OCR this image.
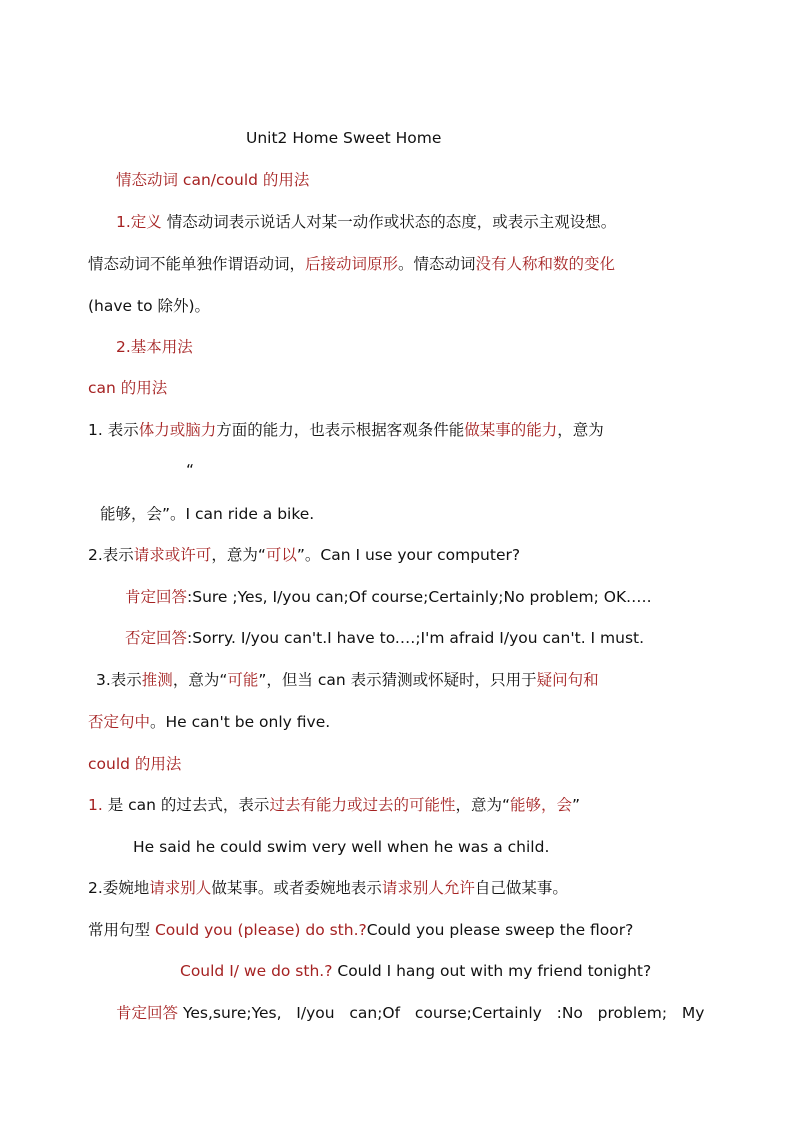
Unit2 Home Sweet Home
情态动词 can/could 的用法
1.定义 情态动词表示说话人对某一动作或状态的态度，或表示主观设想。
情态动词不能单独作谓语动词，后接动词原形。情态动词没有人称和数的变化
(have to 除外)。
2.基本用法
can 的用法
1. 表示体力或脑力方面的能力，也表示根据客观条件能做某事的能力，意为
“
能够，会”。I can ride a bike.
2.表示请求或许可，意为“可以”。Can I use your computer?
肯定回答:Sure ;Yes, I/you can;Of course;Certainly;No problem; OK.….
否定回答:Sorry. I/you can't.I have to.…;I'm afraid I/you can't. I must.
3.表示推测，意为“可能”，但当 can 表示猜测或怀疑时，只用于疑问句和
否定句中。He can't be only five.
could 的用法
1. 是 can 的过去式，表示过去有能力或过去的可能性，意为“能够，会”
He said he could swim very well when he was a child.
2.委婉地请求别人做某事。或者委婉地表示请求别人允许自己做某事。
常用句型 Could you (please) do sth.?Could you please sweep the floor?
Could I/ we do sth.? Could I hang out with my friend tonight?
肯定回答 Yes,sure;Yes,   I/you   can;Of   course;Certainly   :No   problem;   My
